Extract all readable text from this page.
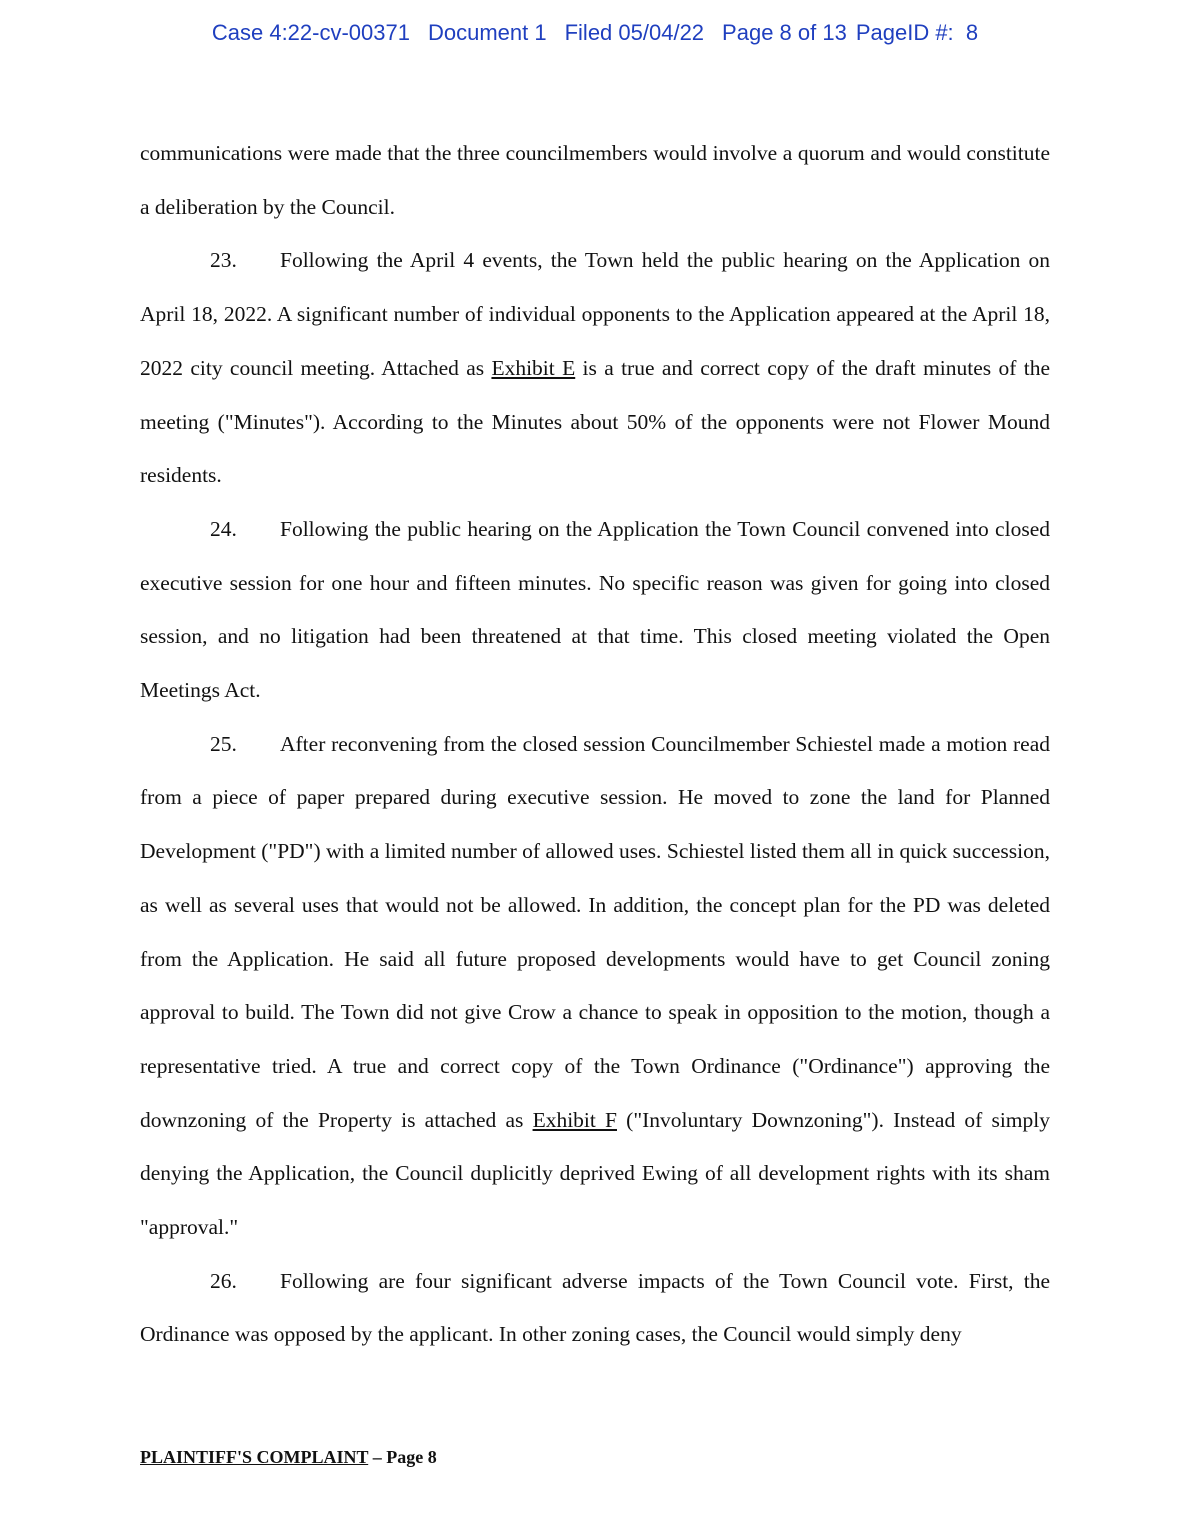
Case 4:22-cv-00371 Document 1 Filed 05/04/22 Page 8 of 13 PageID #:  8

communications were made that the three councilmembers would involve a quorum and would constitute a deliberation by the Council.

23. Following the April 4 events, the Town held the public hearing on the Application on April 18, 2022. A significant number of individual opponents to the Application appeared at the April 18, 2022 city council meeting. Attached as Exhibit E is a true and correct copy of the draft minutes of the meeting ("Minutes"). According to the Minutes about 50% of the opponents were not Flower Mound residents.

24. Following the public hearing on the Application the Town Council convened into closed executive session for one hour and fifteen minutes. No specific reason was given for going into closed session, and no litigation had been threatened at that time. This closed meeting violated the Open Meetings Act.

25. After reconvening from the closed session Councilmember Schiestel made a motion read from a piece of paper prepared during executive session. He moved to zone the land for Planned Development ("PD") with a limited number of allowed uses. Schiestel listed them all in quick succession, as well as several uses that would not be allowed. In addition, the concept plan for the PD was deleted from the Application. He said all future proposed developments would have to get Council zoning approval to build. The Town did not give Crow a chance to speak in opposition to the motion, though a representative tried. A true and correct copy of the Town Ordinance ("Ordinance") approving the downzoning of the Property is attached as Exhibit F ("Involuntary Downzoning"). Instead of simply denying the Application, the Council duplicitly deprived Ewing of all development rights with its sham "approval."

26. Following are four significant adverse impacts of the Town Council vote. First, the Ordinance was opposed by the applicant. In other zoning cases, the Council would simply deny

PLAINTIFF'S COMPLAINT – Page 8
